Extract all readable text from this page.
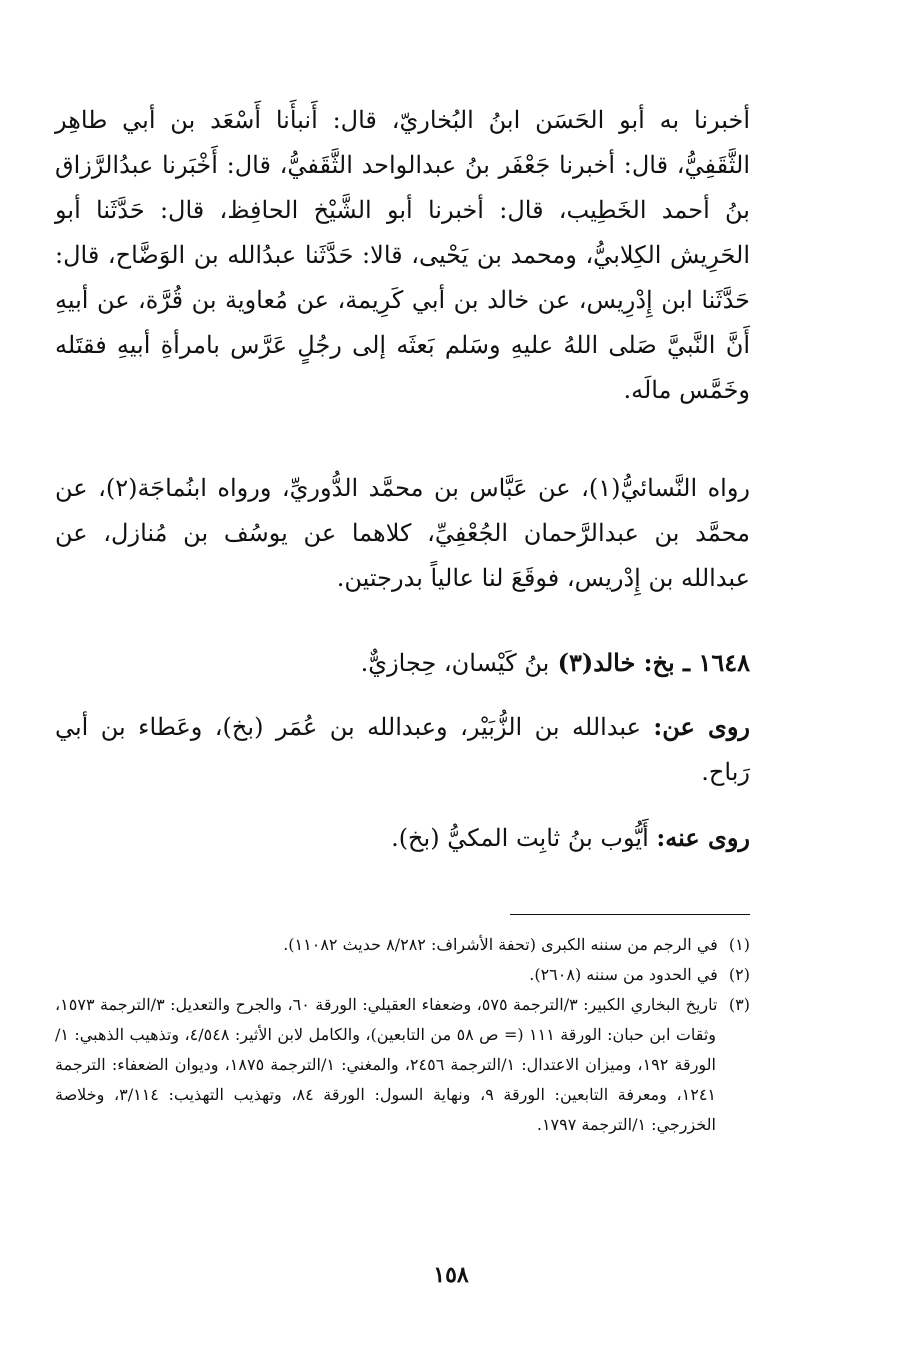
أخبرنا به أبو الحَسَن ابنُ البُخاريّ، قال: أَنبأَنا أَسْعَد بن أبي طاهِر الثَّقَفِيُّ، قال: أخبرنا جَعْفَر بنُ عبدالواحد الثَّقَفيُّ، قال: أَخْبَرنا عبدُالرَّزاق بنُ أحمد الخَطِيب، قال: أخبرنا أبو الشَّيْخ الحافِظ، قال: حَدَّثَنا أبو الحَرِيش الكِلابيُّ، ومحمد بن يَحْيى، قالا: حَدَّثَنا عبدُالله بن الوَضَّاح، قال: حَدَّثَنا ابن إِدْرِيس، عن خالد بن أبي كَرِيمة، عن مُعاوية بن قُرَّة، عن أبيهِ أَنَّ النَّبيَّ صَلى اللهُ عليهِ وسَلم بَعثَه إلى رجُلٍ عَرَّس بامرأةِ أبيهِ فقتَله وخَمَّس مالَه.

رواه النَّسائيُّ(١)، عن عَبَّاس بن محمَّد الدُّوريِّ، ورواه ابنُماجَة(٢)، عن محمَّد بن عبدالرَّحمان الجُعْفِيِّ، كلاهما عن يوسُف بن مُنازل، عن عبدالله بن إِدْريس، فوقَعَ لنا عالياً بدرجتين.

١٦٤٨ ـ بخ: خالد(٣) بنُ كَيْسان، حِجازيٌّ.

روى عن: عبدالله بن الزُّبَيْر، وعبدالله بن عُمَر (بخ)، وعَطاء بن أبي رَباح.

روى عنه: أَيُّوب بنُ ثابِت المكيُّ (بخ).

(١) في الرجم من سننه الكبرى (تحفة الأشراف: ٨/٢٨٢ حديث ١١٠٨٢).

(٢) في الحدود من سننه (٢٦٠٨).

(٣) تاريخ البخاري الكبير: ٣/الترجمة ٥٧٥، وضعفاء العقيلي: الورقة ٦٠، والجرح والتعديل: ٣/الترجمة ١٥٧٣، وثقات ابن حبان: الورقة ١١١ (= ص ٥٨ من التابعين)، والكامل لابن الأثير: ٤/٥٤٨، وتذهيب الذهبي: ١/الورقة ١٩٢، وميزان الاعتدال: ١/الترجمة ٢٤٥٦، والمغني: ١/الترجمة ١٨٧٥، وديوان الضعفاء: الترجمة ١٢٤١، ومعرفة التابعين: الورقة ٩، ونهاية السول: الورقة ٨٤، وتهذيب التهذيب: ٣/١١٤، وخلاصة الخزرجي: ١/الترجمة ١٧٩٧.

١٥٨
